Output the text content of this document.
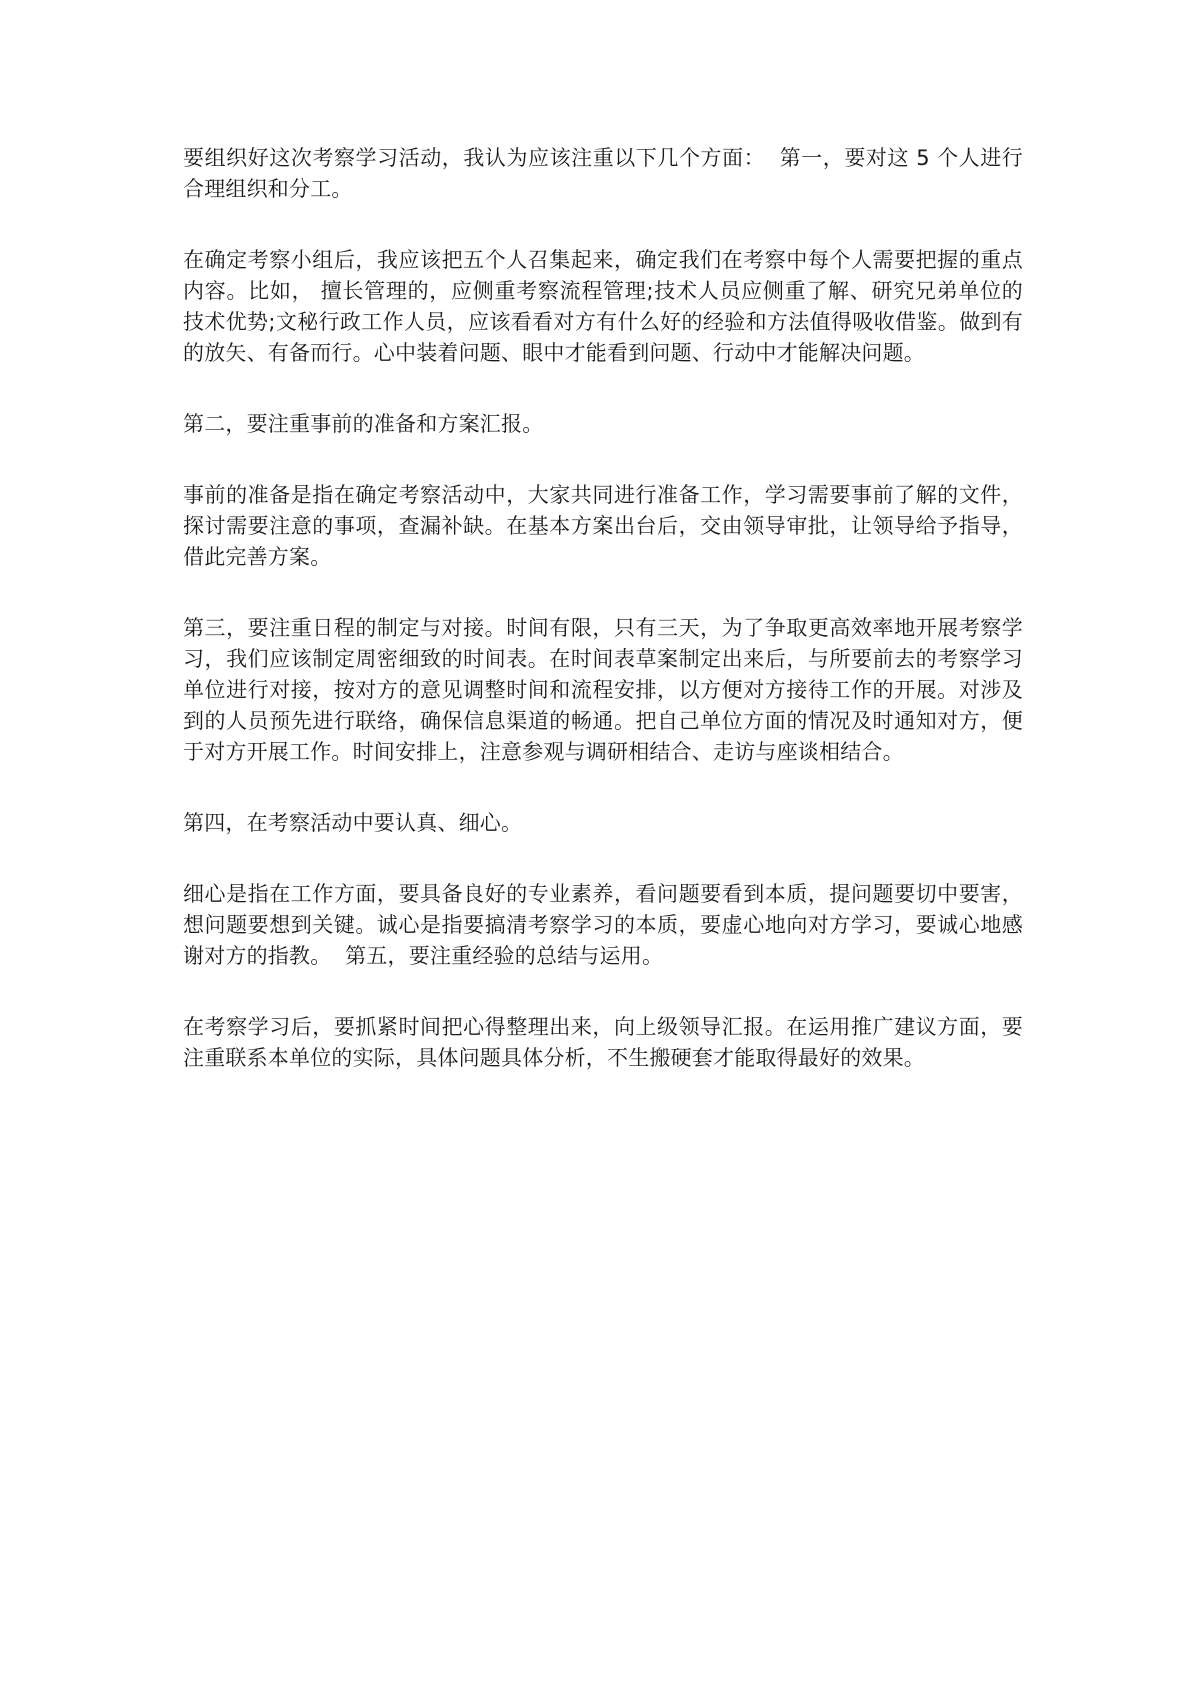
要组织好这次考察学习活动，我认为应该注重以下几个方面：  第一，要对这 5 个人进行合理组织和分工。

在确定考察小组后，我应该把五个人召集起来，确定我们在考察中每个人需要把握的重点内容。比如， 擅长管理的，应侧重考察流程管理;技术人员应侧重了解、研究兄弟单位的技术优势;文秘行政工作人员，应该看看对方有什么好的经验和方法值得吸收借鉴。做到有的放矢、有备而行。心中装着问题、眼中才能看到问题、行动中才能解决问题。

第二，要注重事前的准备和方案汇报。

事前的准备是指在确定考察活动中，大家共同进行准备工作，学习需要事前了解的文件，探讨需要注意的事项，查漏补缺。在基本方案出台后，交由领导审批，让领导给予指导，借此完善方案。

第三，要注重日程的制定与对接。时间有限，只有三天，为了争取更高效率地开展考察学习，我们应该制定周密细致的时间表。在时间表草案制定出来后，与所要前去的考察学习单位进行对接，按对方的意见调整时间和流程安排，以方便对方接待工作的开展。对涉及到的人员预先进行联络，确保信息渠道的畅通。把自己单位方面的情况及时通知对方，便于对方开展工作。时间安排上，注意参观与调研相结合、走访与座谈相结合。

第四，在考察活动中要认真、细心。

细心是指在工作方面，要具备良好的专业素养，看问题要看到本质，提问题要切中要害，想问题要想到关键。诚心是指要搞清考察学习的本质，要虚心地向对方学习，要诚心地感谢对方的指教。  第五，要注重经验的总结与运用。

在考察学习后，要抓紧时间把心得整理出来，向上级领导汇报。在运用推广建议方面，要注重联系本单位的实际，具体问题具体分析，不生搬硬套才能取得最好的效果。
